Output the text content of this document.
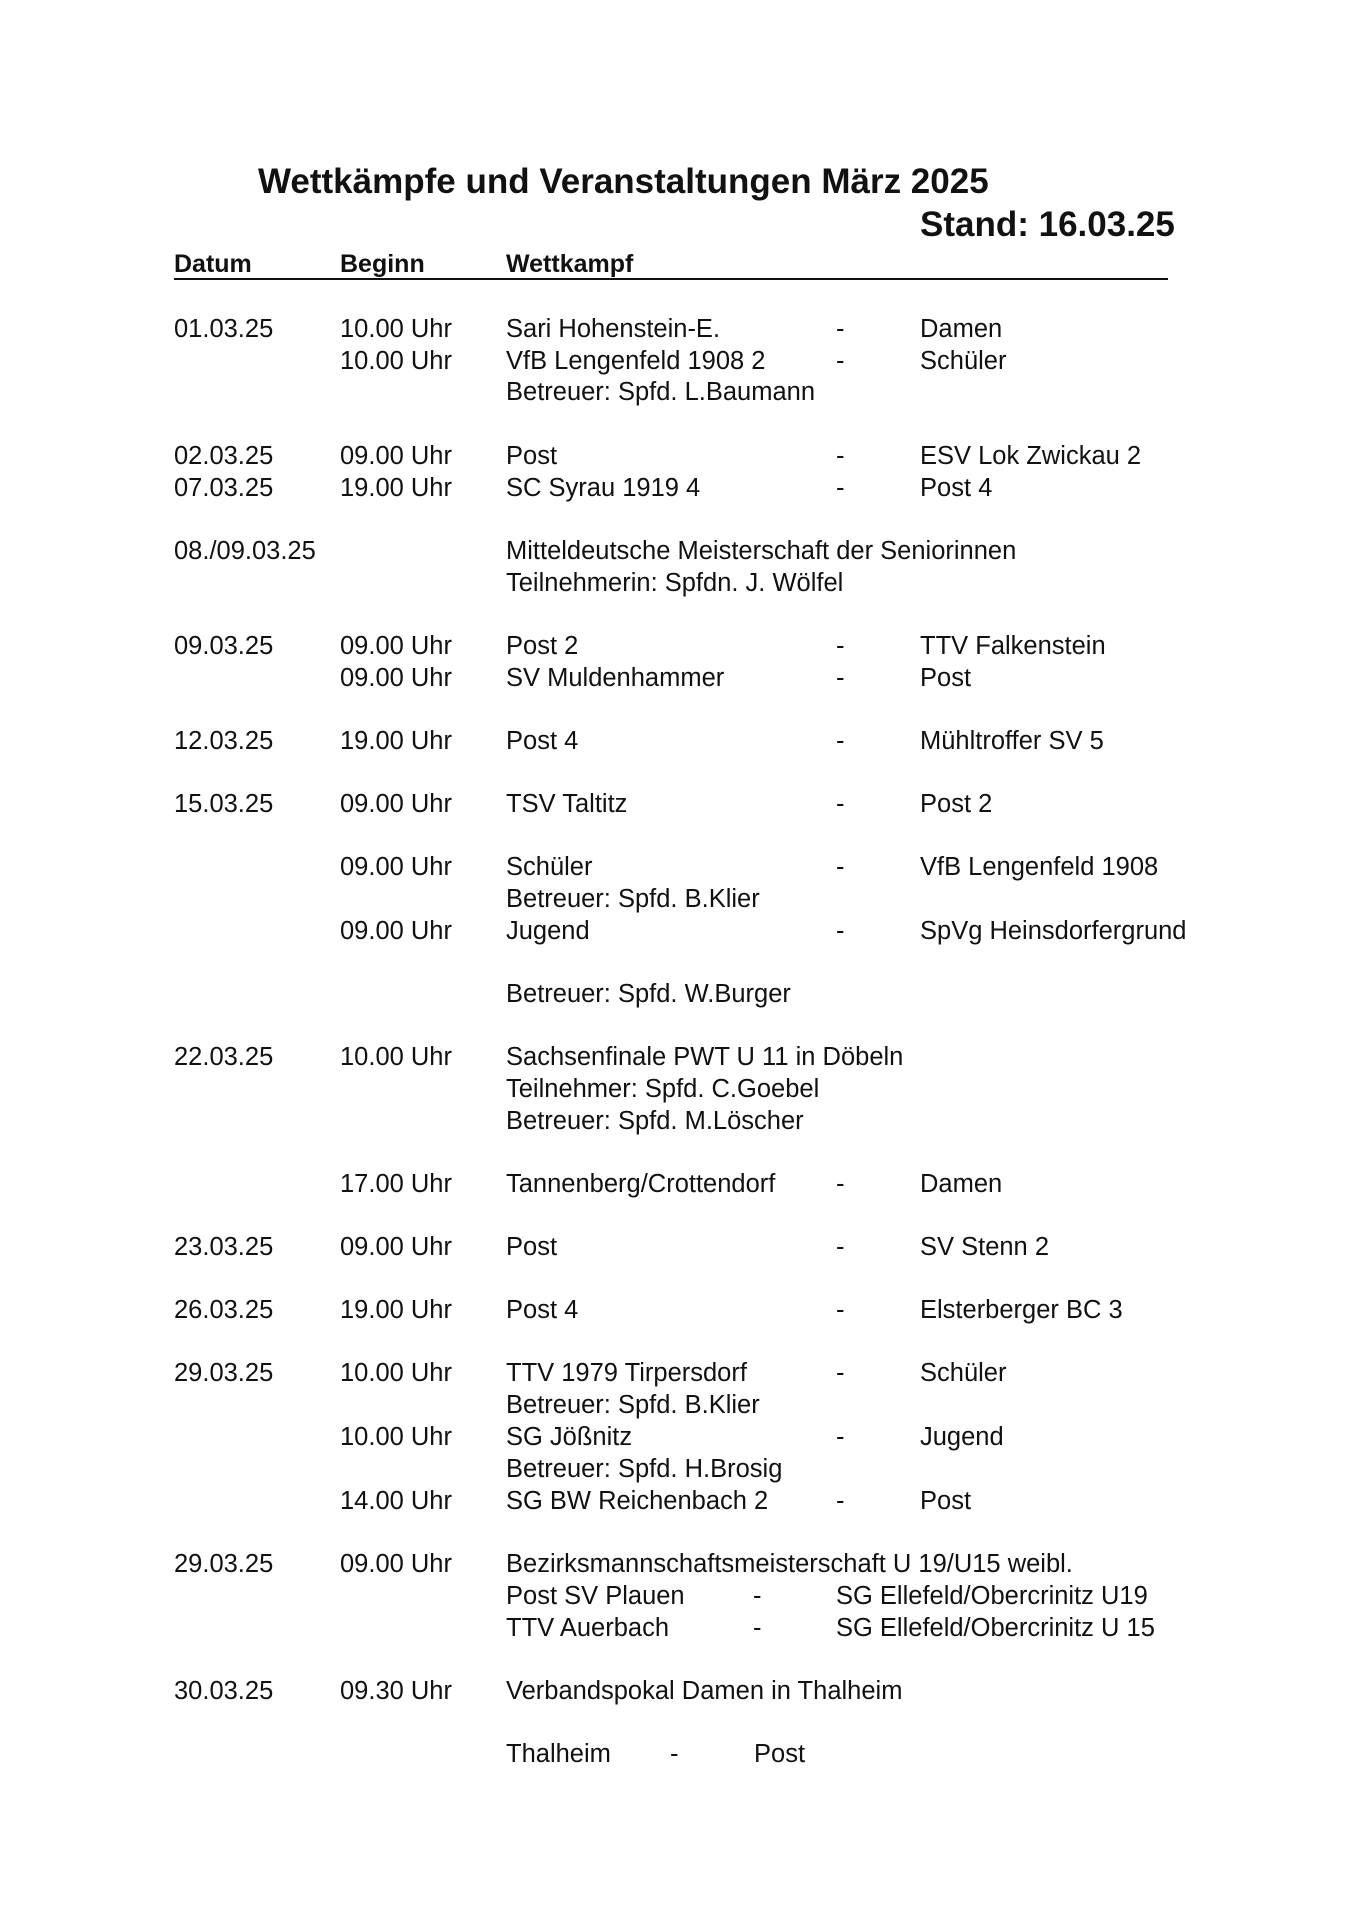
Wettkämpfe und Veranstaltungen März 2025
Stand: 16.03.25
Datum	Beginn	Wettkampf
01.03.25	10.00 Uhr Sari Hohenstein-E.	-	Damen
10.00 Uhr VfB Lengenfeld 1908 2	-	Schüler
Betreuer: Spfd. L.Baumann
02.03.25	09.00 Uhr Post	-	ESV Lok Zwickau 2
07.03.25	19.00 Uhr SC Syrau 1919 4	-	Post 4
08./09.03.25	Mitteldeutsche Meisterschaft der Seniorinnen
Teilnehmerin: Spfdn. J. Wölfel
09.03.25	09.00 Uhr Post 2	-	TTV Falkenstein
09.00 Uhr SV Muldenhammer	-	Post
12.03.25	19.00 Uhr Post 4	-	Mühltroffer SV 5
15.03.25	09.00 Uhr TSV Taltitz	-	Post 2
09.00 Uhr Schüler	-	VfB Lengenfeld 1908
Betreuer: Spfd. B.Klier
09.00 Uhr Jugend	-	SpVg Heinsdorfergrund
Betreuer: Spfd. W.Burger
22.03.25	10.00 Uhr Sachsenfinale PWT U 11 in Döbeln
Teilnehmer: Spfd. C.Goebel
Betreuer: Spfd. M.Löscher
17.00 Uhr Tannenberg/Crottendorf -	Damen
23.03.25	09.00 Uhr Post	-	SV Stenn 2
26.03.25	19.00 Uhr Post 4	-	Elsterberger BC 3
29.03.25	10.00 Uhr TTV 1979 Tirpersdorf	-	Schüler
Betreuer: Spfd. B.Klier
10.00 Uhr SG Jößnitz	-	Jugend
Betreuer: Spfd. H.Brosig
14.00 Uhr SG BW Reichenbach 2	-	Post
29.03.25	09.00 Uhr Bezirksmannschaftsmeisterschaft U 19/U15 weibl.
Post SV Plauen	-	SG Ellefeld/Obercrinitz U19
TTV Auerbach	-	SG Ellefeld/Obercrinitz U 15
30.03.25	09.30 Uhr Verbandspokal Damen in Thalheim
Thalheim -	Post
